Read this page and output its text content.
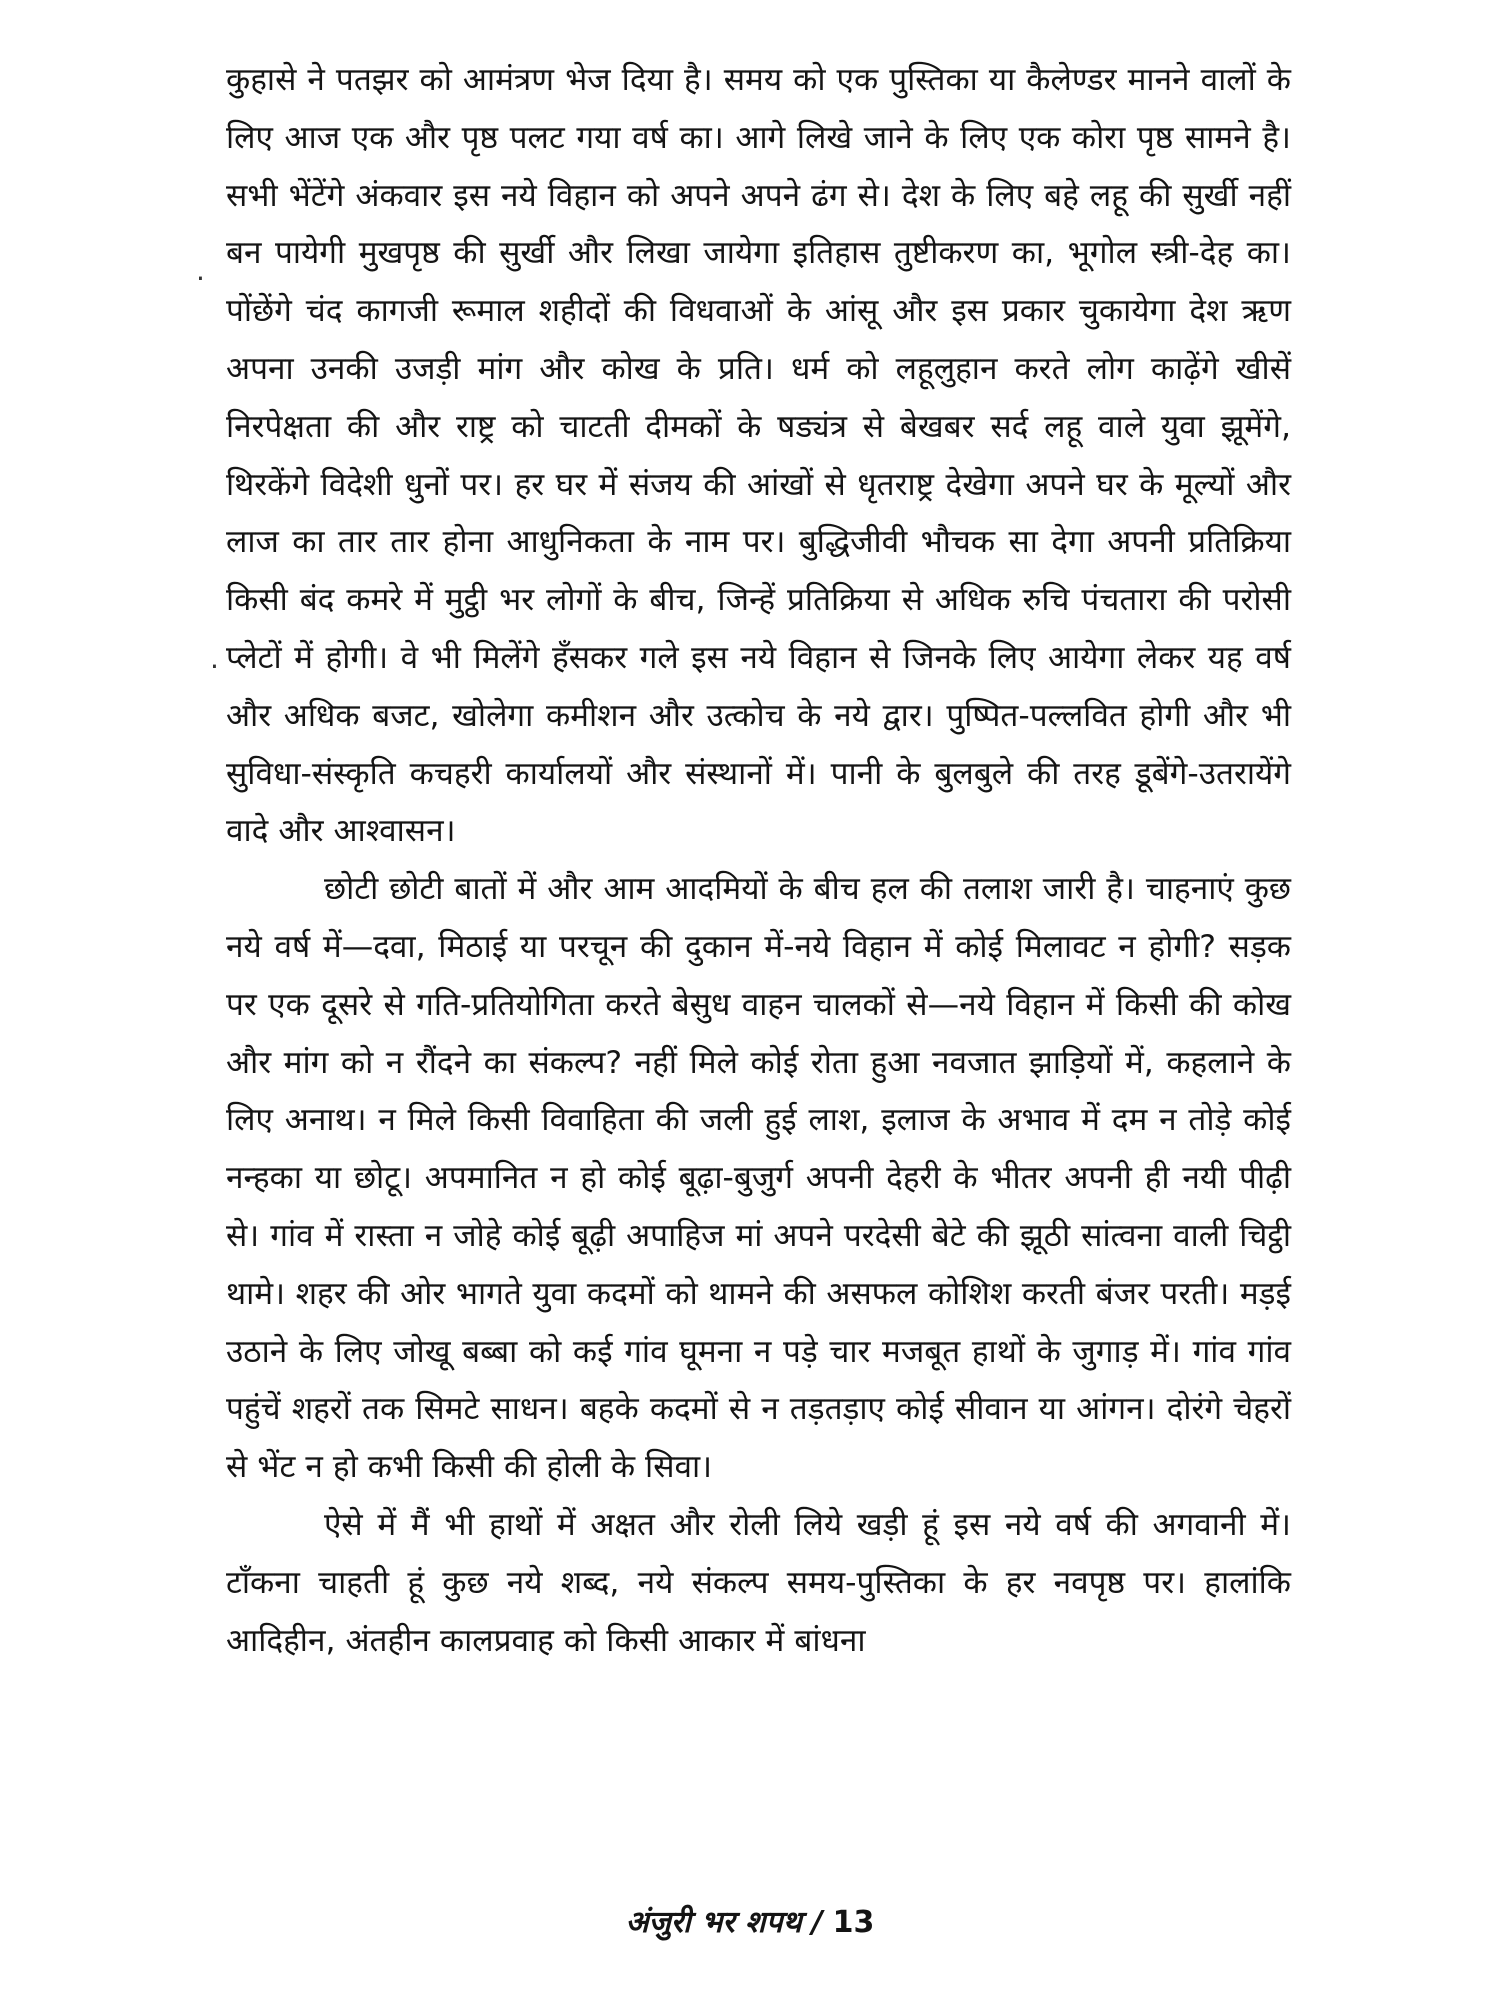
कुहासे ने पतझर को आमंत्रण भेज दिया है। समय को एक पुस्तिका या कैलेण्डर मानने वालों के लिए आज एक और पृष्ठ पलट गया वर्ष का। आगे लिखे जाने के लिए एक कोरा पृष्ठ सामने है। सभी भेंटेंगे अंकवार इस नये विहान को अपने अपने ढंग से। देश के लिए बहे लहू की सुर्खी नहीं बन पायेगी मुखपृष्ठ की सुर्खी और लिखा जायेगा इतिहास तुष्टीकरण का, भूगोल स्त्री-देह का। पोंछेंगे चंद कागजी रूमाल शहीदों की विधवाओं के आंसू और इस प्रकार चुकायेगा देश ऋण अपना उनकी उजड़ी मांग और कोख के प्रति। धर्म को लहूलुहान करते लोग काढ़ेंगे खीसें निरपेक्षता की और राष्ट्र को चाटती दीमकों के षड्यंत्र से बेखबर सर्द लहू वाले युवा झूमेंगे, थिरकेंगे विदेशी धुनों पर। हर घर में संजय की आंखों से धृतराष्ट्र देखेगा अपने घर के मूल्यों और लाज का तार तार होना आधुनिकता के नाम पर। बुद्धिजीवी भौचक सा देगा अपनी प्रतिक्रिया किसी बंद कमरे में मुट्ठी भर लोगों के बीच, जिन्हें प्रतिक्रिया से अधिक रुचि पंचतारा की परोसी प्लेटों में होगी। वे भी मिलेंगे हँसकर गले इस नये विहान से जिनके लिए आयेगा लेकर यह वर्ष और अधिक बजट, खोलेगा कमीशन और उत्कोच के नये द्वार। पुष्पित-पल्लवित होगी और भी सुविधा-संस्कृति कचहरी कार्यालयों और संस्थानों में। पानी के बुलबुले की तरह डूबेंगे-उतरायेंगे वादे और आश्वासन।

छोटी छोटी बातों में और आम आदमियों के बीच हल की तलाश जारी है। चाहनाएं कुछ नये वर्ष में—दवा, मिठाई या परचून की दुकान में-नये विहान में कोई मिलावट न होगी? सड़क पर एक दूसरे से गति-प्रतियोगिता करते बेसुध वाहन चालकों से—नये विहान में किसी की कोख और मांग को न रौंदने का संकल्प? नहीं मिले कोई रोता हुआ नवजात झाड़ियों में, कहलाने के लिए अनाथ। न मिले किसी विवाहिता की जली हुई लाश, इलाज के अभाव में दम न तोड़े कोई नन्हका या छोटू। अपमानित न हो कोई बूढ़ा-बुजुर्ग अपनी देहरी के भीतर अपनी ही नयी पीढ़ी से। गांव में रास्ता न जोहे कोई बूढ़ी अपाहिज मां अपने परदेसी बेटे की झूठी सांत्वना वाली चिट्ठी थामे। शहर की ओर भागते युवा कदमों को थामने की असफल कोशिश करती बंजर परती। मड़ई उठाने के लिए जोखू बब्बा को कई गांव घूमना न पड़े चार मजबूत हाथों के जुगाड़ में। गांव गांव पहुंचें शहरों तक सिमटे साधन। बहके कदमों से न तड़तड़ाए कोई सीवान या आंगन। दोरंगे चेहरों से भेंट न हो कभी किसी की होली के सिवा।

ऐसे में मैं भी हाथों में अक्षत और रोली लिये खड़ी हूं इस नये वर्ष की अगवानी में। टाँकना चाहती हूं कुछ नये शब्द, नये संकल्प समय-पुस्तिका के हर नवपृष्ठ पर। हालांकि आदिहीन, अंतहीन कालप्रवाह को किसी आकार में बांधना

·
·
अंजुरी भर शपथ / 13
